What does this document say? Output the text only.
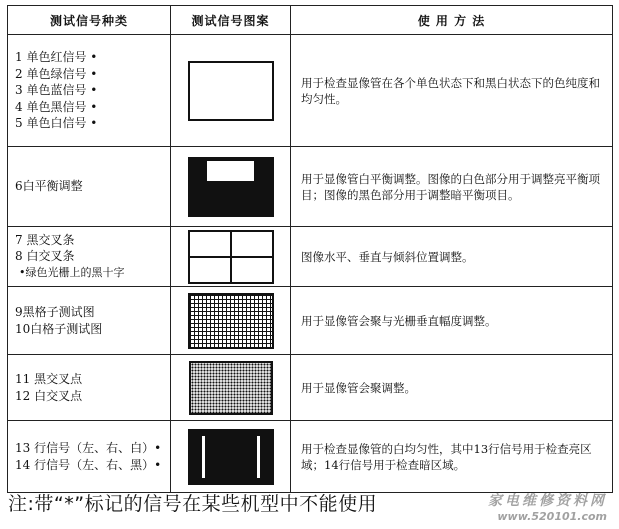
测试信号种类	测试信号图案	使 用 方 法

1 单色红信号 •
2 单色绿信号 •
3 单色蓝信号 •
4 单色黑信号 •
5 单色白信号 •		用于检查显像管在各个单色状态下和黑白状态下的色纯度和均匀性。

6白平衡调整		用于显像管白平衡调整。图像的白色部分用于调整亮平衡项目；图像的黑色部分用于调整暗平衡项目。

7 黑交叉条
8 白交叉条
•绿色光栅上的黑十字		图像水平、垂直与倾斜位置调整。

9黑格子测试图
10白格子测试图		用于显像管会聚与光栅垂直幅度调整。

11 黑交叉点
12 白交叉点		用于显像管会聚调整。

13 行信号（左、右、白）•
14 行信号（左、右、黑）•		用于检查显像管的白均匀性，其中13行信号用于检查亮区域；14行信号用于检查暗区域。
注:带“*”标记的信号在某些机型中不能使用	家电维修资料网
www.520101.com
